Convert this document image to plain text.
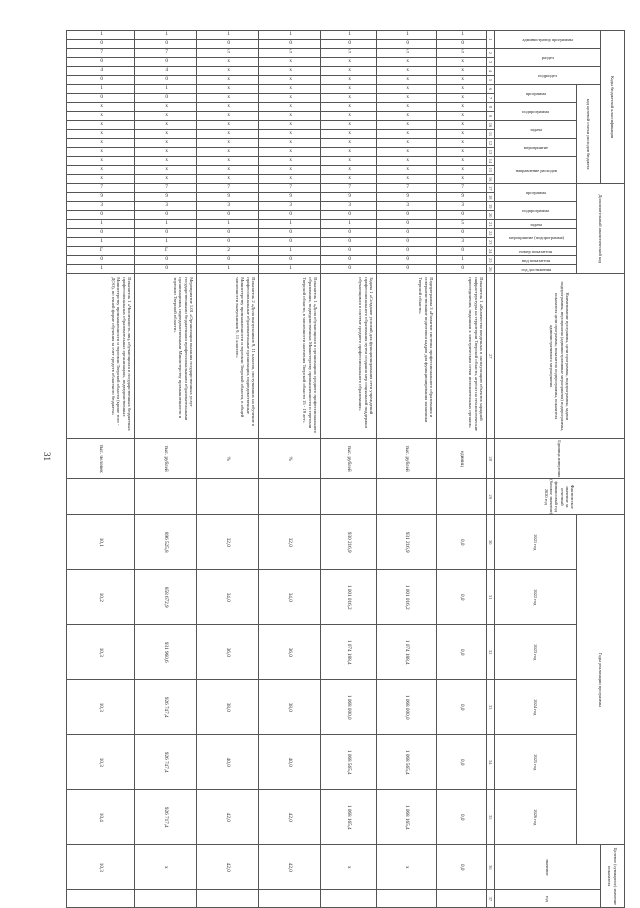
31
Коды бюджетной классификации																	Дополнительный аналитический код										Наименование программы, цели программы, подпрограммы, задачи подпрограммы, мероприятия (административные мероприятия) подпрограммы, показателя цели программы, показателя подпрограммы, показателя административного мероприятия	Единица измерения	Фактическое значение за отчетный финансовый год (базовое значение) 2020 год	Годы реализации программы						Целевое (суммарное) значение показателя	
администратор программы		раздел		подраздел		код целевой статьи расходов бюджета																														значение	год
						программа		подпрограмма		задача		мероприятие		направление расходов			программа		подпрограмма		задача	мероприятие (подпрограмма)		номер показателя	вид показателя	год достижения				2021 год	2022 год	2023 год	2024 год	2025 год	2026 год		
1		2	3	4	5	6	7	8	9	10	11	12	13	14	15	16	17	18	19	20	21	22	23	24	25	26	27	28	29	30	31	32	33	34	35	36	37
1	0	5	х	х	х	х	х	х	х	х	х	х	х	х	х	х	7	9	3	0	5	0	3	0	1	0	Показатель 1 «Количество введенных в эксплуатацию объектов зарядной инфраструктуры на территории Тверской области, агрегат на технологические присоединения, поданным к электрическим сетям исполнительных органов»	единиц		0,0	0,0	0,0	0,0	0,0	0,0	0,0	
1	0	5	х	х	х	х	х	х	х	х	х	х	х	х	х	х	7	9	3	0	0	0	0	0	0	0	Подпрограмма 3 «Развитие системы профессионального образования и совершенствование подготовки кадров для функционирования экономики Тверской области»	тыс. рублей		931 216,9	1 001 016,2	1 074 188,4	1 068 000,0	1 068 565,4	1 068 165,4	х	
1	0	5	х	х	х	х	х	х	х	х	х	х	х	х	х	х	7	9	3	0	1	0	0	0	0	0	Задача 1 «Создание условий для функционирования сети учреждений профессионального образования путем создания мер социальной поддержки обучающимся в системе среднего профессионального образования»	тыс. рублей		930 216,9	1 001 016,2	1 074 188,4	1 068 000,0	1 068 565,4	1 068 165,4	х	
1	0	5	х	х	х	х	х	х	х	х	х	х	х	х	х	х	7	9	3	0	1	0	0	1	0	1	Показатель 1 «Доля обучающихся в организациях среднего профессионального образования, подведомственных Министерству промышленности и торговли Тверской области, в численности населения Тверской области 15 - 19 лет»	%		32,0	34,0	36,0	38,0	40,0	42,0	42,0	
1	0	5	х	х	х	х	х	х	х	х	х	х	х	х	х	х	7	9	3	0	1	0	0	2	0	1	Показатель 2 «Доля выпускников 9, 11 классов, поступивших на обучение в профессиональные образовательные организации, подведомственные Министерству промышленности и торговли Тверской области, в общей численности выпускников 9, 11 классов»	%		32,0	34,0	36,0	38,0	40,0	42,0	42,0	
1	0	7	0	4	0	1	0	х	х	х	х	х	х	х	х	х	7	9	3	0	1	0	1	Г	0	0	Мероприятие 1.01 «Организация оказания государственных услуг государственными бюджетными профессиональными образовательными организациями, подведомственными Министерству промышленности и торговли Тверской области»	тыс. рублей		896 525,8	858 672,9	931 960,6	926 747,4	926 747,4	926 717,4	х	
1	0	7	0	4	0	1	0	х	х	х	х	х	х	х	х	х	7	9	3	0	1	0	1	Г	0	1	Показатель 1 «Численность лиц, обучающихся в государственных бюджетных профессиональных образовательных организациях, подведомственных Министерству промышленности и торговли Тверской области (кроме того - ДОО), по очной форме обучения за счет средств областного бюджета»	тыс. человек		10,1	10,2	10,3	10,3	10,3	10,4	10,3	
